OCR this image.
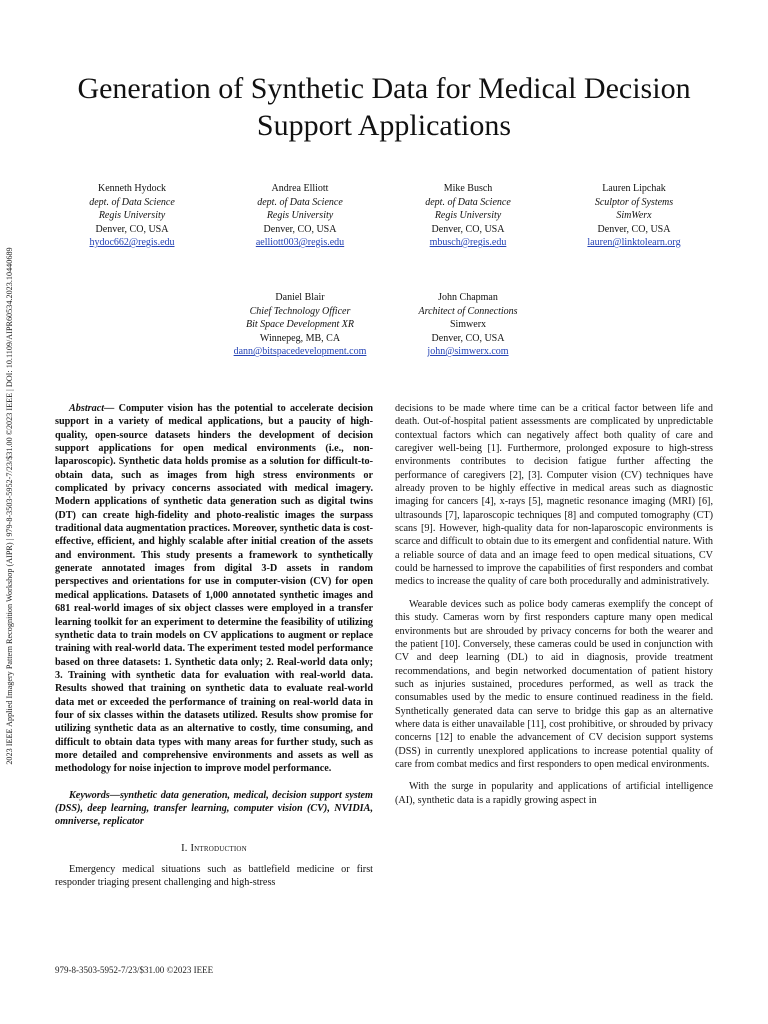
2023 IEEE Applied Imagery Pattern Recognition Workshop (AIPR) | 979-8-3503-5952-7/23/$31.00 ©2023 IEEE | DOI: 10.1109/AIPR60534.2023.10440689
Generation of Synthetic Data for Medical Decision Support Applications
Kenneth Hydock
dept. of Data Science
Regis University
Denver, CO, USA
hydoc662@regis.edu
Andrea Elliott
dept. of Data Science
Regis University
Denver, CO, USA
aelliott003@regis.edu
Mike Busch
dept. of Data Science
Regis University
Denver, CO, USA
mbusch@regis.edu
Lauren Lipchak
Sculptor of Systems
SimWerx
Denver, CO, USA
lauren@linktolearn.org
Daniel Blair
Chief Technology Officer
Bit Space Development XR
Winnepeg, MB, CA
dann@bitspacedevelopment.com
John Chapman
Architect of Connections
Simwerx
Denver, CO, USA
john@simwerx.com

Abstract— Computer vision has the potential to accelerate decision support in a variety of medical applications, but a paucity of high-quality, open-source datasets hinders the development of decision support applications for open medical environments (i.e., non-laparoscopic). Synthetic data holds promise as a solution for difficult-to-obtain data, such as images from high stress environments or complicated by privacy concerns associated with medical imagery. Modern applications of synthetic data generation such as digital twins (DT) can create high-fidelity and photo-realistic images the surpass traditional data augmentation practices. Moreover, synthetic data is cost-effective, efficient, and highly scalable after initial creation of the assets and environment. This study presents a framework to synthetically generate annotated images from digital 3-D assets in random perspectives and orientations for use in computer-vision (CV) for open medical applications. Datasets of 1,000 annotated synthetic images and 681 real-world images of six object classes were employed in a transfer learning toolkit for an experiment to determine the feasibility of utilizing synthetic data to train models on CV applications to augment or replace training with real-world data. The experiment tested model performance based on three datasets: 1. Synthetic data only; 2. Real-world data only; 3. Training with synthetic data for evaluation with real-world data. Results showed that training on synthetic data to evaluate real-world data met or exceeded the performance of training on real-world data in four of six classes within the datasets utilized. Results show promise for utilizing synthetic data as an alternative to costly, time consuming, and difficult to obtain data types with many areas for further study, such as more detailed and comprehensive environments and assets as well as methodology for noise injection to improve model performance.

Keywords—synthetic data generation, medical, decision support system (DSS), deep learning, transfer learning, computer vision (CV), NVIDIA, omniverse, replicator

I. Introduction

Emergency medical situations such as battlefield medicine or first responder triaging present challenging and high-stress

decisions to be made where time can be a critical factor between life and death. Out-of-hospital patient assessments are complicated by unpredictable contextual factors which can negatively affect both quality of care and caregiver well-being [1]. Furthermore, prolonged exposure to high-stress environments contributes to decision fatigue further affecting the performance of caregivers [2], [3]. Computer vision (CV) techniques have already proven to be highly effective in medical areas such as diagnostic imaging for cancers [4], x-rays [5], magnetic resonance imaging (MRI) [6], ultrasounds [7], laparoscopic techniques [8] and computed tomography (CT) scans [9]. However, high-quality data for non-laparoscopic environments is scarce and difficult to obtain due to its emergent and confidential nature. With a reliable source of data and an image feed to open medical situations, CV could be harnessed to improve the capabilities of first responders and combat medics to increase the quality of care both procedurally and administratively.

Wearable devices such as police body cameras exemplify the concept of this study. Cameras worn by first responders capture many open medical environments but are shrouded by privacy concerns for both the wearer and the patient [10]. Conversely, these cameras could be used in conjunction with CV and deep learning (DL) to aid in diagnosis, provide treatment recommendations, and begin networked documentation of patient history such as injuries sustained, procedures performed, as well as track the consumables used by the medic to ensure continued readiness in the field. Synthetically generated data can serve to bridge this gap as an alternative where data is either unavailable [11], cost prohibitive, or shrouded by privacy concerns [12] to enable the advancement of CV decision support systems (DSS) in currently unexplored applications to increase potential quality of care from combat medics and first responders to open medical environments.

With the surge in popularity and applications of artificial intelligence (AI), synthetic data is a rapidly growing aspect in

979-8-3503-5952-7/23/$31.00 ©2023 IEEE
